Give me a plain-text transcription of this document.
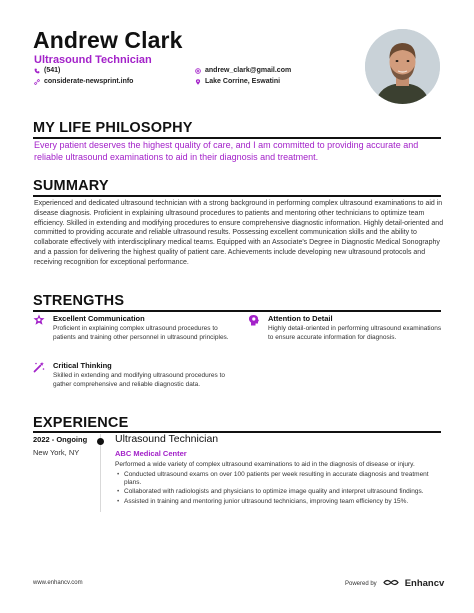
Andrew Clark
Ultrasound Technician
(541)
considerate-newsprint.info
andrew_clark@gmail.com
Lake Corrine, Eswatini
MY LIFE PHILOSOPHY
Every patient deserves the highest quality of care, and I am committed to providing accurate and reliable ultrasound examinations to aid in their diagnosis and treatment.
SUMMARY
Experienced and dedicated ultrasound technician with a strong background in performing complex ultrasound examinations to aid in disease diagnosis. Proficient in explaining ultrasound procedures to patients and mentoring other technicians to optimize team efficiency. Skilled in extending and modifying procedures to ensure comprehensive diagnostic information. Highly detail-oriented and committed to providing accurate and reliable ultrasound results. Possessing excellent communication skills and the ability to collaborate effectively with interdisciplinary medical teams. Equipped with an Associate's Degree in Diagnostic Medical Sonography and a passion for delivering the highest quality of patient care. Achievements include developing new ultrasound protocols and receiving recognition for exceptional performance.
STRENGTHS
Excellent Communication
Proficient in explaining complex ultrasound procedures to patients and training other personnel in ultrasound principles.
Attention to Detail
Highly detail-oriented in performing ultrasound examinations to ensure accurate information for diagnosis.
Critical Thinking
Skilled in extending and modifying ultrasound procedures to gather comprehensive and reliable diagnostic data.
EXPERIENCE
2022 - Ongoing
New York, NY
Ultrasound Technician
ABC Medical Center
Performed a wide variety of complex ultrasound examinations to aid in the diagnosis of disease or injury.
• Conducted ultrasound exams on over 100 patients per week resulting in accurate diagnosis and treatment plans.
• Collaborated with radiologists and physicians to optimize image quality and interpret ultrasound findings.
• Assisted in training and mentoring junior ultrasound technicians, improving team efficiency by 15%.
www.enhancv.com	Powered by	Enhancv
